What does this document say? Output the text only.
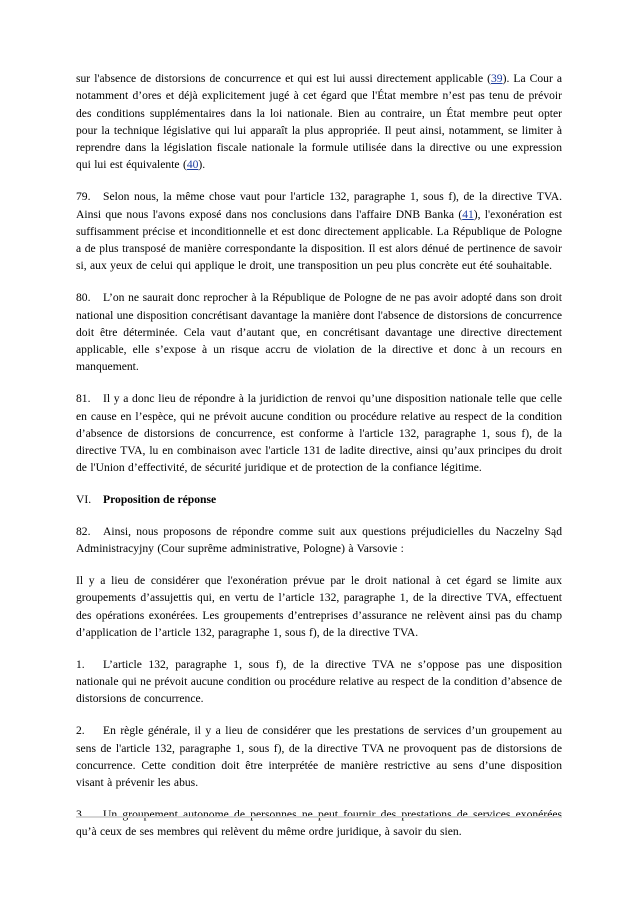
sur l'absence de distorsions de concurrence et qui est lui aussi directement applicable (39). La Cour a notamment d’ores et déjà explicitement jugé à cet égard que l'État membre n’est pas tenu de prévoir des conditions supplémentaires dans la loi nationale. Bien au contraire, un État membre peut opter pour la technique législative qui lui apparaît la plus appropriée. Il peut ainsi, notamment, se limiter à reprendre dans la législation fiscale nationale la formule utilisée dans la directive ou une expression qui lui est équivalente (40).

79. Selon nous, la même chose vaut pour l'article 132, paragraphe 1, sous f), de la directive TVA. Ainsi que nous l'avons exposé dans nos conclusions dans l'affaire DNB Banka (41), l'exonération est suffisamment précise et inconditionnelle et est donc directement applicable. La République de Pologne a de plus transposé de manière correspondante la disposition. Il est alors dénué de pertinence de savoir si, aux yeux de celui qui applique le droit, une transposition un peu plus concrète eut été souhaitable.

80. L’on ne saurait donc reprocher à la République de Pologne de ne pas avoir adopté dans son droit national une disposition concrétisant davantage la manière dont l'absence de distorsions de concurrence doit être déterminée. Cela vaut d’autant que, en concrétisant davantage une directive directement applicable, elle s’expose à un risque accru de violation de la directive et donc à un recours en manquement.

81. Il y a donc lieu de répondre à la juridiction de renvoi qu’une disposition nationale telle que celle en cause en l’espèce, qui ne prévoit aucune condition ou procédure relative au respect de la condition d’absence de distorsions de concurrence, est conforme à l'article 132, paragraphe 1, sous f), de la directive TVA, lu en combinaison avec l'article 131 de ladite directive, ainsi qu’aux principes du droit de l'Union d’effectivité, de sécurité juridique et de protection de la confiance légitime.

VI. Proposition de réponse

82. Ainsi, nous proposons de répondre comme suit aux questions préjudicielles du Naczelny Sąd Administracyjny (Cour suprême administrative, Pologne) à Varsovie :

Il y a lieu de considérer que l'exonération prévue par le droit national à cet égard se limite aux groupements d’assujettis qui, en vertu de l’article 132, paragraphe 1, de la directive TVA, effectuent des opérations exonérées. Les groupements d’entreprises d’assurance ne relèvent ainsi pas du champ d’application de l’article 132, paragraphe 1, sous f), de la directive TVA.

1. L’article 132, paragraphe 1, sous f), de la directive TVA ne s’oppose pas une disposition nationale qui ne prévoit aucune condition ou procédure relative au respect de la condition d’absence de distorsions de concurrence.

2. En règle générale, il y a lieu de considérer que les prestations de services d’un groupement au sens de l'article 132, paragraphe 1, sous f), de la directive TVA ne provoquent pas de distorsions de concurrence. Cette condition doit être interprétée de manière restrictive au sens d’une disposition visant à prévenir les abus.

3. Un groupement autonome de personnes ne peut fournir des prestations de services exonérées qu’à ceux de ses membres qui relèvent du même ordre juridique, à savoir du sien.
